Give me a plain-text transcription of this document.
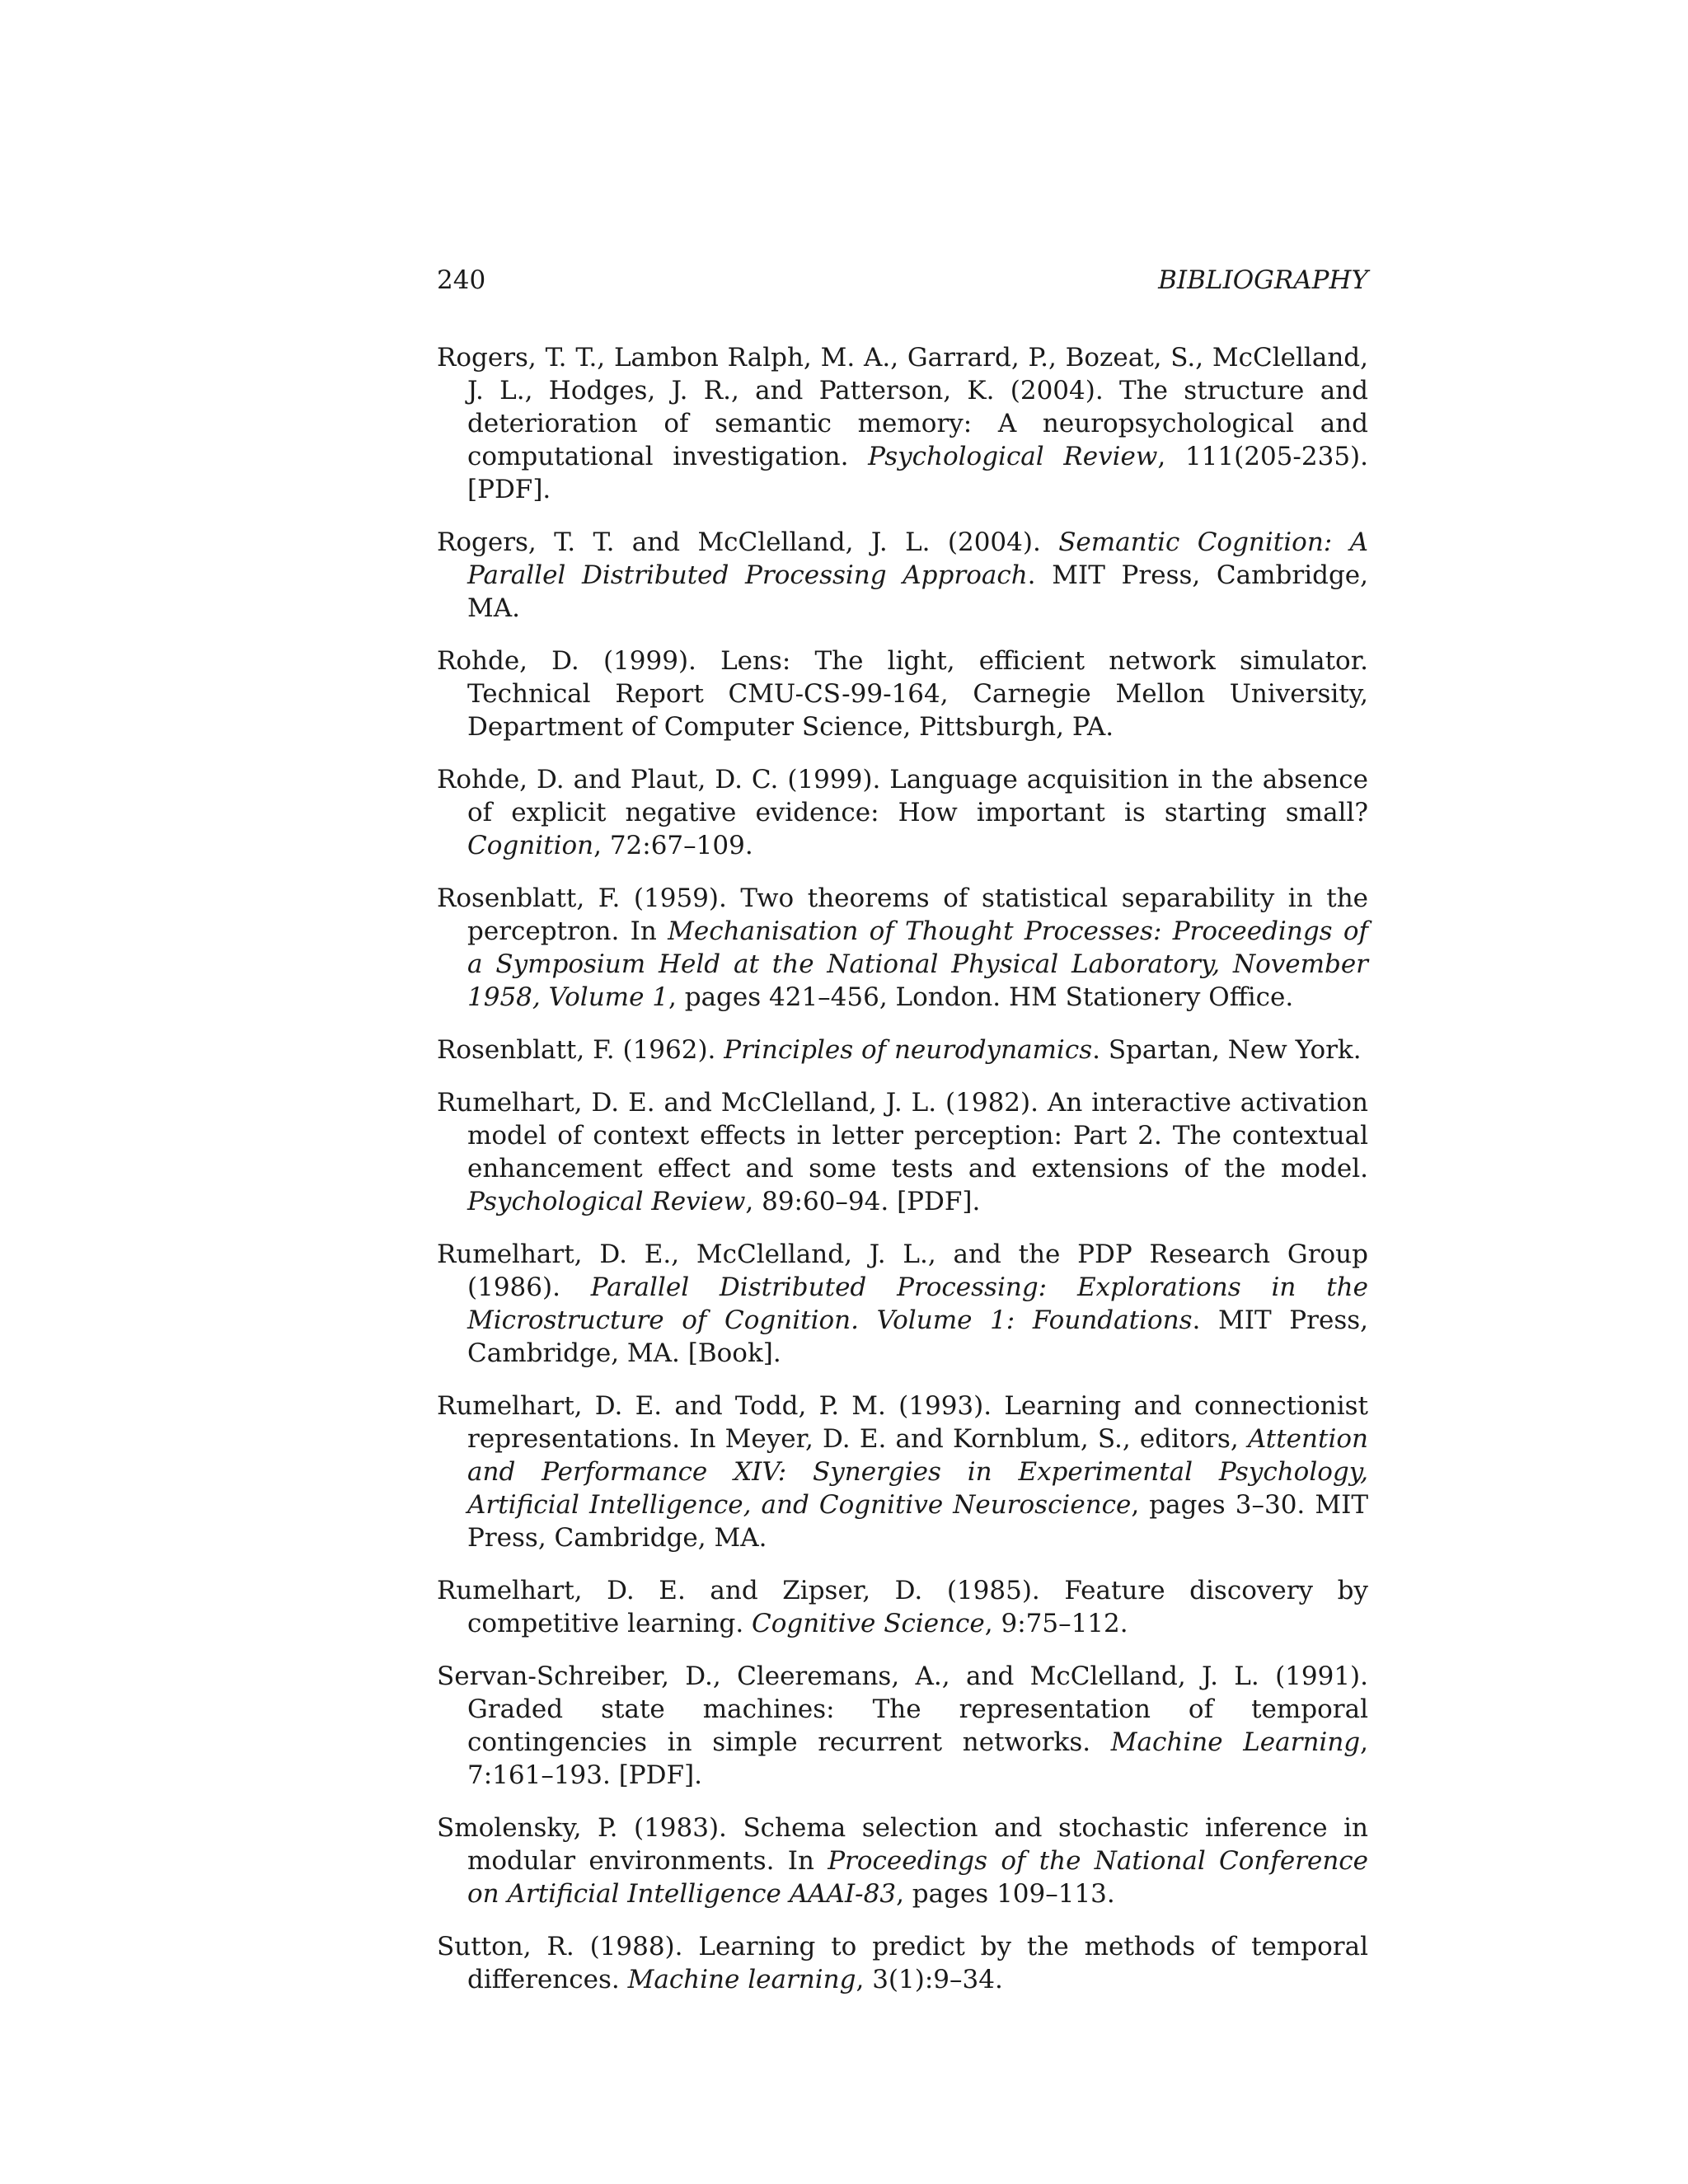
240	BIBLIOGRAPHY

Rogers, T. T., Lambon Ralph, M. A., Garrard, P., Bozeat, S., McClelland, J. L., Hodges, J. R., and Patterson, K. (2004). The structure and deterioration of semantic memory: A neuropsychological and computational investigation. Psychological Review, 111(205-235). [PDF].

Rogers, T. T. and McClelland, J. L. (2004). Semantic Cognition: A Parallel Distributed Processing Approach. MIT Press, Cambridge, MA.

Rohde, D. (1999). Lens: The light, efficient network simulator. Technical Report CMU-CS-99-164, Carnegie Mellon University, Department of Computer Science, Pittsburgh, PA.

Rohde, D. and Plaut, D. C. (1999). Language acquisition in the absence of explicit negative evidence: How important is starting small? Cognition, 72:67–109.

Rosenblatt, F. (1959). Two theorems of statistical separability in the perceptron. In Mechanisation of Thought Processes: Proceedings of a Symposium Held at the National Physical Laboratory, November 1958, Volume 1, pages 421–456, London. HM Stationery Office.

Rosenblatt, F. (1962). Principles of neurodynamics. Spartan, New York.

Rumelhart, D. E. and McClelland, J. L. (1982). An interactive activation model of context effects in letter perception: Part 2. The contextual enhancement effect and some tests and extensions of the model. Psychological Review, 89:60–94. [PDF].

Rumelhart, D. E., McClelland, J. L., and the PDP Research Group (1986). Parallel Distributed Processing: Explorations in the Microstructure of Cognition. Volume 1: Foundations. MIT Press, Cambridge, MA. [Book].

Rumelhart, D. E. and Todd, P. M. (1993). Learning and connectionist representations. In Meyer, D. E. and Kornblum, S., editors, Attention and Performance XIV: Synergies in Experimental Psychology, Artificial Intelligence, and Cognitive Neuroscience, pages 3–30. MIT Press, Cambridge, MA.

Rumelhart, D. E. and Zipser, D. (1985). Feature discovery by competitive learning. Cognitive Science, 9:75–112.

Servan-Schreiber, D., Cleeremans, A., and McClelland, J. L. (1991). Graded state machines: The representation of temporal contingencies in simple recurrent networks. Machine Learning, 7:161–193. [PDF].

Smolensky, P. (1983). Schema selection and stochastic inference in modular environments. In Proceedings of the National Conference on Artificial Intelligence AAAI-83, pages 109–113.

Sutton, R. (1988). Learning to predict by the methods of temporal differences. Machine learning, 3(1):9–34.
